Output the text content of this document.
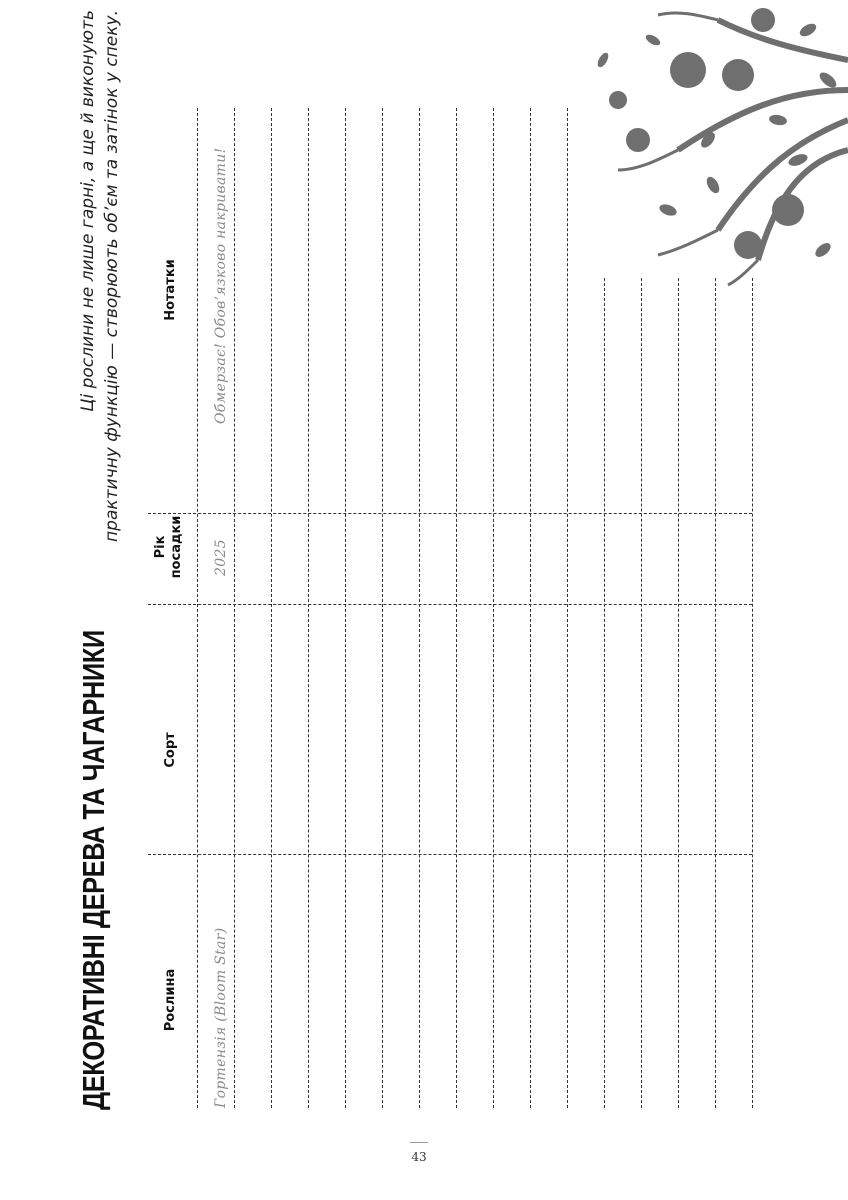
ДЕКОРАТИВНІ ДЕРЕВА ТА ЧАГАРНИКИ
Ці рослини не лише гарні, а ще й виконують практичну функцію — створюють об’єм та затінок у спеку.
Рослина
Сорт
Рік посадки
Нотатки
Гортензія (Bloom Star)
2025
Обмерзає! Обов’язково накривати!
43
